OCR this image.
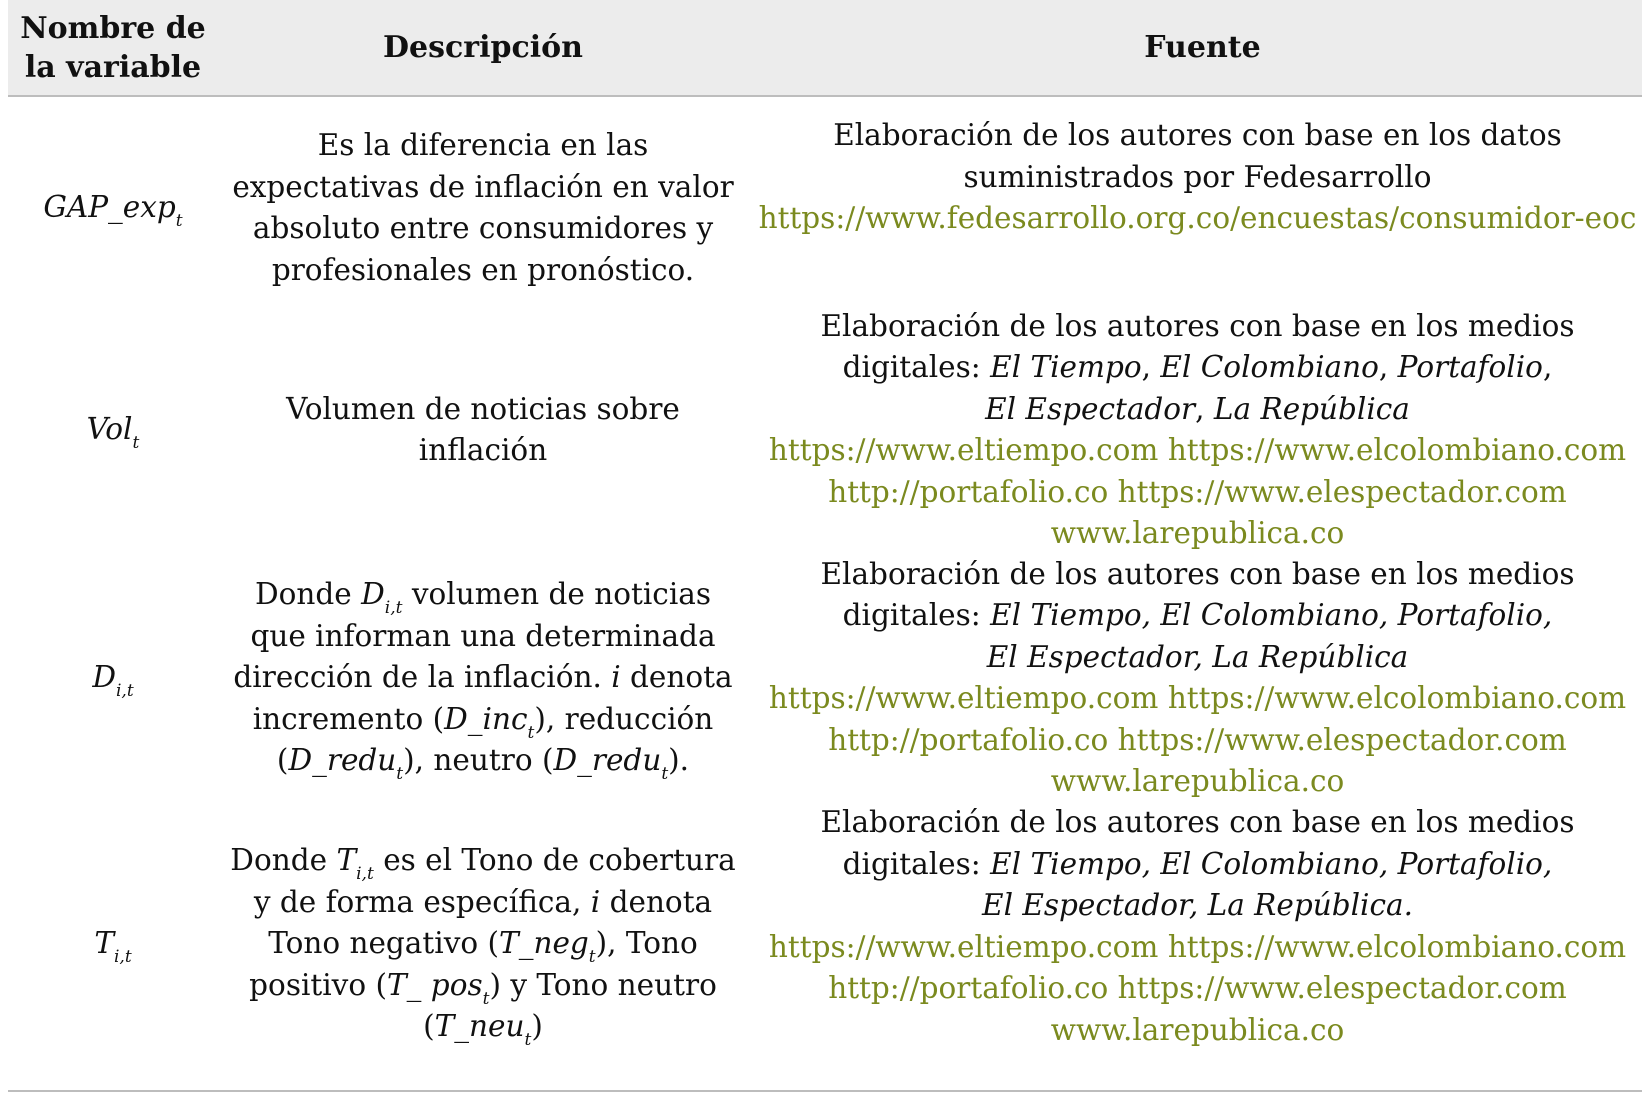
Nombre de
la variable
Descripción	Fuente
$GAP\_\exp_t$
Es la diferencia en las
expectativas de inflación en valor
absoluto entre consumidores y
profesionales en pronóstico.
Elaboración de los autores con base en los datos
suministrados por Fedesarrollo
https://www.fedesarrollo.org.co/encuestas/consumidor-eoc
Vol$_t$
Volumen de noticias sobre
inflación
Elaboración de los autores con base en los medios
digitales: El Tiempo, El Colombiano, Portafolio,
El Espectador, La República
https://www.eltiempo.com https://www.elcolombiano.com
http://portafolio.co https://www.elespectador.com
www.larepublica.co
$D_{i,t}$
Donde $D_{i,t}$ volumen de noticias
que informan una determinada
dirección de la inflación. i denota
incremento (D_inc$_t$), reducción
(D_redu$_t$), neutro (D_redu$_t$).
Elaboración de los autores con base en los medios
digitales: El Tiempo, El Colombiano, Portafolio,
El Espectador, La República
https://www.eltiempo.com https://www.elcolombiano.com
http://portafolio.co https://www.elespectador.com
www.larepublica.co
$T_{i,t}$
Donde $T_{i,t}$ es el Tono de cobertura
y de forma específica, i denota
Tono negativo (T_neg$_t$), Tono
positivo (T_ pos$_t$) y Tono neutro
(T_neu$_t$)
Elaboración de los autores con base en los medios
digitales: El Tiempo, El Colombiano, Portafolio,
El Espectador, La República.
https://www.eltiempo.com https://www.elcolombiano.com
http://portafolio.co https://www.elespectador.com
www.larepublica.co
